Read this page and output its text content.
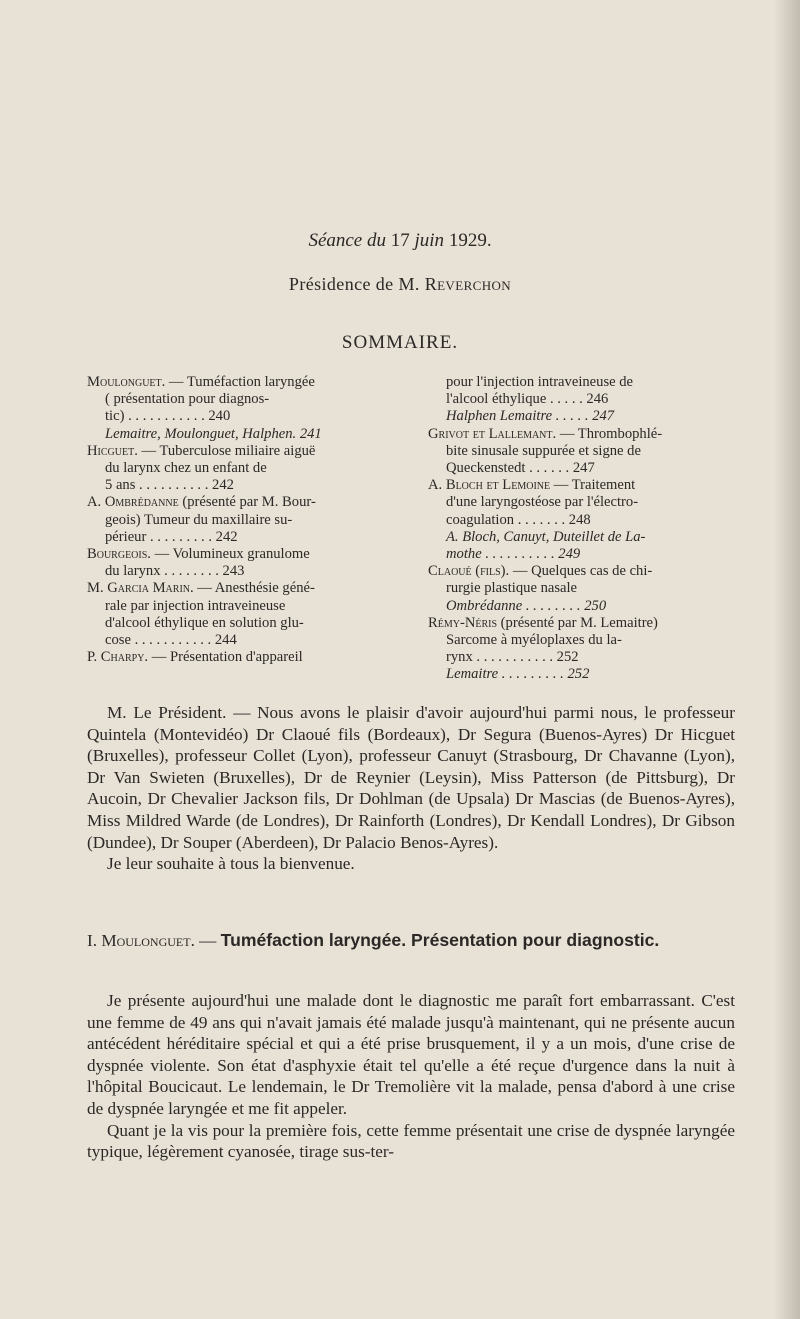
Séance du 17 juin 1929.
Présidence de M. Reverchon
SOMMAIRE.
Moulonguet. — Tuméfaction laryngée
( présentation pour diagnos-
tic) . . . . . . . . . . . 240
Lemaitre, Moulonguet, Halphen. 241
Hicguet. — Tuberculose miliaire aiguë
du larynx chez un enfant de
5 ans . . . . . . . . . . 242
A. Ombrédanne (présenté par M. Bour-
geois) Tumeur du maxillaire su-
périeur . . . . . . . . . 242
Bourgeois. — Volumineux granulome
du larynx . . . . . . . . 243
M. Garcia Marin. — Anesthésie géné-
rale par injection intraveineuse
d'alcool éthylique en solution glu-
cose . . . . . . . . . . . 244
P. Charpy. — Présentation d'appareil
pour l'injection intraveineuse de
l'alcool éthylique . . . . . 246
Halphen Lemaitre . . . . . 247
Grivot et Lallemant. — Thrombophlé-
bite sinusale suppurée et signe de
Queckenstedt . . . . . . 247
A. Bloch et Lemoine — Traitement
d'une laryngostéose par l'électro-
coagulation . . . . . . . 248
A. Bloch, Canuyt, Duteillet de La-
mothe . . . . . . . . . . 249
Claoué (fils). — Quelques cas de chi-
rurgie plastique nasale
Ombrédanne . . . . . . . . 250
Rémy-Néris (présenté par M. Lemaitre)
Sarcome à myéloplaxes du la-
rynx . . . . . . . . . . . 252
Lemaitre . . . . . . . . . 252

M. Le Président. — Nous avons le plaisir d'avoir aujourd'hui parmi nous, le professeur Quintela (Montevidéo) Dr Claoué fils (Bordeaux), Dr Segura (Buenos-Ayres) Dr Hicguet (Bruxelles), professeur Collet (Lyon), professeur Canuyt (Strasbourg, Dr Chavanne (Lyon), Dr Van Swieten (Bruxelles), Dr de Reynier (Leysin), Miss Patterson (de Pittsburg), Dr Aucoin, Dr Chevalier Jackson fils, Dr Dohlman (de Upsala) Dr Mascias (de Buenos-Ayres), Miss Mildred Warde (de Londres), Dr Rainforth (Londres), Dr Kendall Londres), Dr Gibson (Dundee), Dr Souper (Aberdeen), Dr Palacio Benos-Ayres).

Je leur souhaite à tous la bienvenue.

I. Moulonguet. — Tuméfaction laryngée. Présentation pour diagnostic.

Je présente aujourd'hui une malade dont le diagnostic me paraît fort embarrassant. C'est une femme de 49 ans qui n'avait jamais été malade jusqu'à maintenant, qui ne présente aucun antécédent héréditaire spécial et qui a été prise brusquement, il y a un mois, d'une crise de dyspnée violente. Son état d'asphyxie était tel qu'elle a été reçue d'urgence dans la nuit à l'hôpital Boucicaut. Le lendemain, le Dr Tremolière vit la malade, pensa d'abord à une crise de dyspnée laryngée et me fit appeler.

Quant je la vis pour la première fois, cette femme présentait une crise de dyspnée laryngée typique, légèrement cyanosée, tirage sus-ter-
